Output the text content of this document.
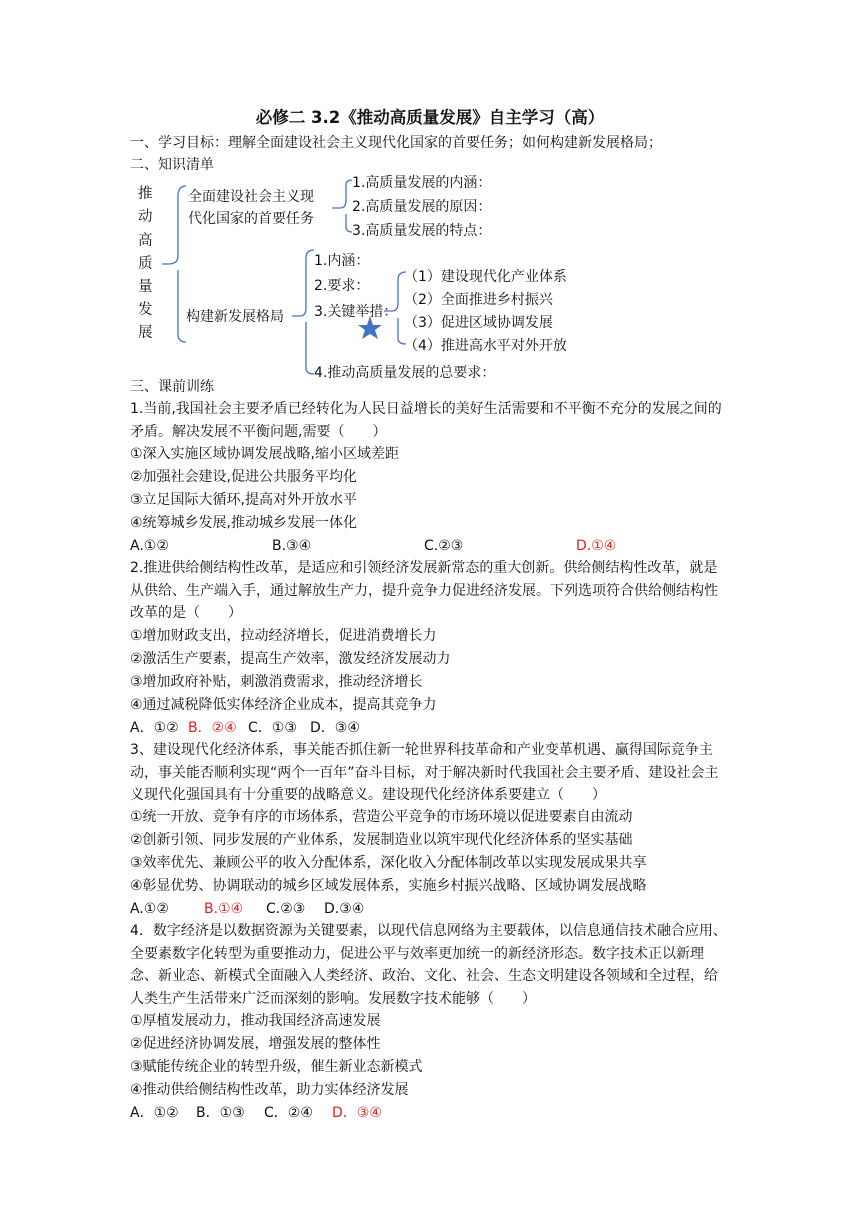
必修二 3.2《推动高质量发展》自主学习（高）
一、学习目标：理解全面建设社会主义现代化国家的首要任务；如何构建新发展格局；
二、知识清单
推
动
高
质
量
发
展
全面建设社会主义现
代化国家的首要任务
1.高质量发展的内涵：
2.高质量发展的原因：
3.高质量发展的特点：
构建新发展格局
1.内涵：
2.要求：
3.关键举措：
4.推动高质量发展的总要求：
（1）建设现代化产业体系
（2）全面推进乡村振兴
（3）促进区域协调发展
（4）推进高水平对外开放
三、课前训练
1.当前,我国社会主要矛盾已经转化为人民日益增长的美好生活需要和不平衡不充分的发展之间的矛盾。解决发展不平衡问题,需要（　　）
①深入实施区域协调发展战略,缩小区域差距
②加强社会建设,促进公共服务平均化
③立足国际大循环,提高对外开放水平
④统筹城乡发展,推动城乡发展一体化
A.①②	B.③④	C.②③	D.①④
2.推进供给侧结构性改革，是适应和引领经济发展新常态的重大创新。供给侧结构性改革，就是从供给、生产端入手，通过解放生产力，提升竞争力促进经济发展。下列选项符合供给侧结构性改革的是（　　）
①增加财政支出，拉动经济增长，促进消费增长力
②激活生产要素，提高生产效率，激发经济发展动力
③增加政府补贴，刺激消费需求，推动经济增长
④通过减税降低实体经济企业成本，提高其竞争力
A．①② B．②④ C．①③ D．③④
3、建设现代化经济体系，事关能否抓住新一轮世界科技革命和产业变革机遇、赢得国际竞争主动，事关能否顺利实现“两个一百年”奋斗目标，对于解决新时代我国社会主要矛盾、建设社会主义现代化强国具有十分重要的战略意义。建设现代化经济体系要建立（　　）
①统一开放、竞争有序的市场体系，营造公平竞争的市场环境以促进要素自由流动
②创新引领、同步发展的产业体系，发展制造业以筑牢现代化经济体系的坚实基础
③效率优先、兼顾公平的收入分配体系，深化收入分配体制改革以实现发展成果共享
④彰显优势、协调联动的城乡区域发展体系，实施乡村振兴战略、区域协调发展战略
A.①②	B.①④ C.②③ D.③④
4．数字经济是以数据资源为关键要素，以现代信息网络为主要载体，以信息通信技术融合应用、全要素数字化转型为重要推动力，促进公平与效率更加统一的新经济形态。数字技术正以新理念、新业态、新模式全面融入人类经济、政治、文化、社会、生态文明建设各领域和全过程，给人类生产生活带来广泛而深刻的影响。发展数字技术能够（　　）
①厚植发展动力，推动我国经济高速发展
②促进经济协调发展，增强发展的整体性
③赋能传统企业的转型升级，催生新业态新模式
④推动供给侧结构性改革，助力实体经济发展
A．①② B．①③ C．②④ D．③④
